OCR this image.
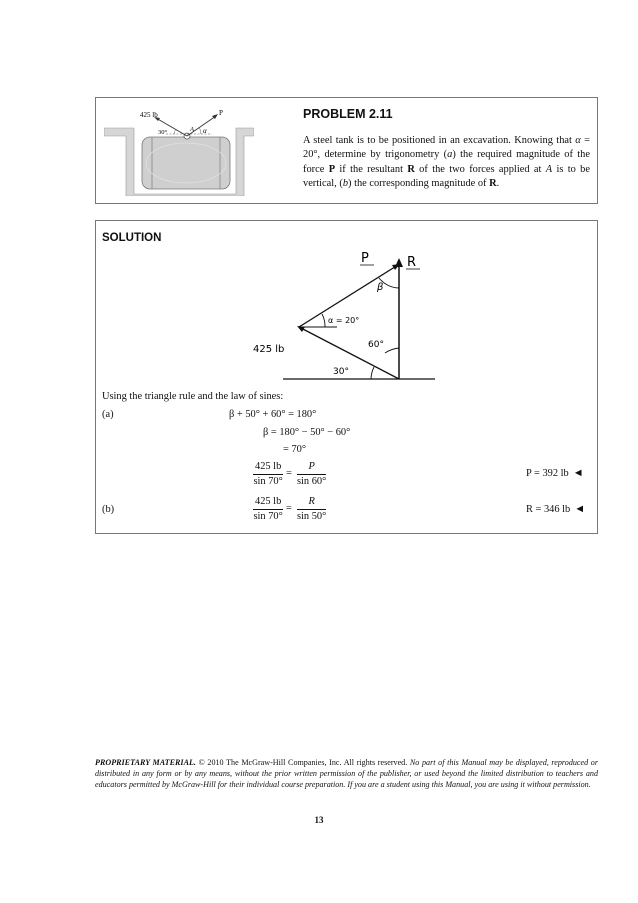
425 lb	P
30°	A α
PROBLEM 2.11
A steel tank is to be positioned in an excavation. Knowing that α = 20°, determine by trigonometry (a) the required magnitude of the force P if the resultant R of the two forces applied at A is to be vertical, (b) the corresponding magnitude of R.
SOLUTION
P	R
β
α = 20°
425 lb	60°
30°
Using the triangle rule and the law of sines:
(a)	β + 50° + 60° = 180°
β = 180° − 50° − 60°
= 70°
$\frac{425 lb}{\sin 70^\circ} = \frac{P}{\sin 60^\circ}$	P = 392 lb ◄
(b)	$\frac{425 lb}{\sin 70^\circ} = \frac{R}{\sin 50^\circ}$	R = 346 lb ◄
PROPRIETARY MATERIAL. © 2010 The McGraw-Hill Companies, Inc. All rights reserved. No part of this Manual may be displayed, reproduced or distributed in any form or by any means, without the prior written permission of the publisher, or used beyond the limited distribution to teachers and educators permitted by McGraw-Hill for their individual course preparation. If you are a student using this Manual, you are using it without permission.
13
